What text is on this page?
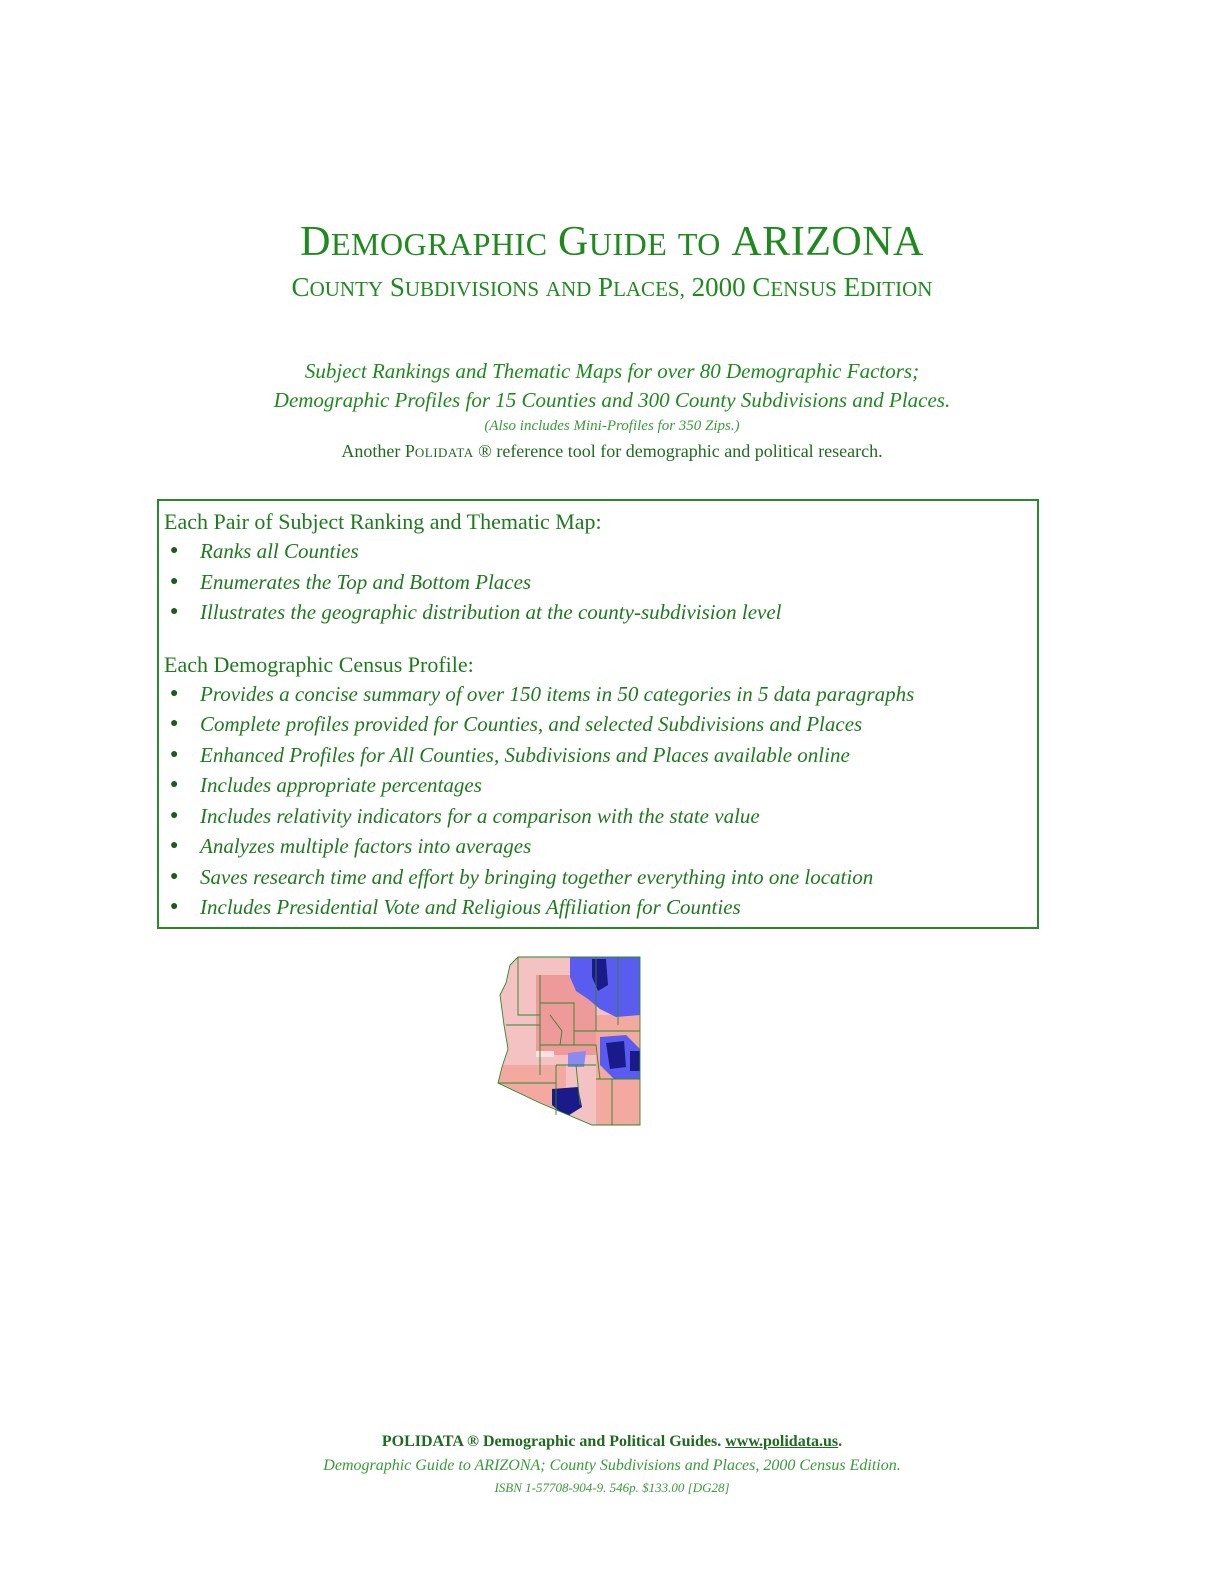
DEMOGRAPHIC GUIDE TO ARIZONA
COUNTY SUBDIVISIONS AND PLACES, 2000 CENSUS EDITION
Subject Rankings and Thematic Maps for over 80 Demographic Factors;
Demographic Profiles for 15 Counties and 300 County Subdivisions and Places.
(Also includes Mini-Profiles for 350 Zips.)
Another POLIDATA ® reference tool for demographic and political research.
Each Pair of Subject Ranking and Thematic Map:
● Ranks all Counties
● Enumerates the Top and Bottom Places
● Illustrates the geographic distribution at the county-subdivision level
Each Demographic Census Profile:
● Provides a concise summary of over 150 items in 50 categories in 5 data paragraphs
● Complete profiles provided for Counties, and selected Subdivisions and Places
● Enhanced Profiles for All Counties, Subdivisions and Places available online
● Includes appropriate percentages
● Includes relativity indicators for a comparison with the state value
● Analyzes multiple factors into averages
● Saves research time and effort by bringing together everything into one location
● Includes Presidential Vote and Religious Affiliation for Counties
POLIDATA ® Demographic and Political Guides. www.polidata.us.
Demographic Guide to ARIZONA; County Subdivisions and Places, 2000 Census Edition.
ISBN 1-57708-904-9. 546p. $133.00 [DG28]
